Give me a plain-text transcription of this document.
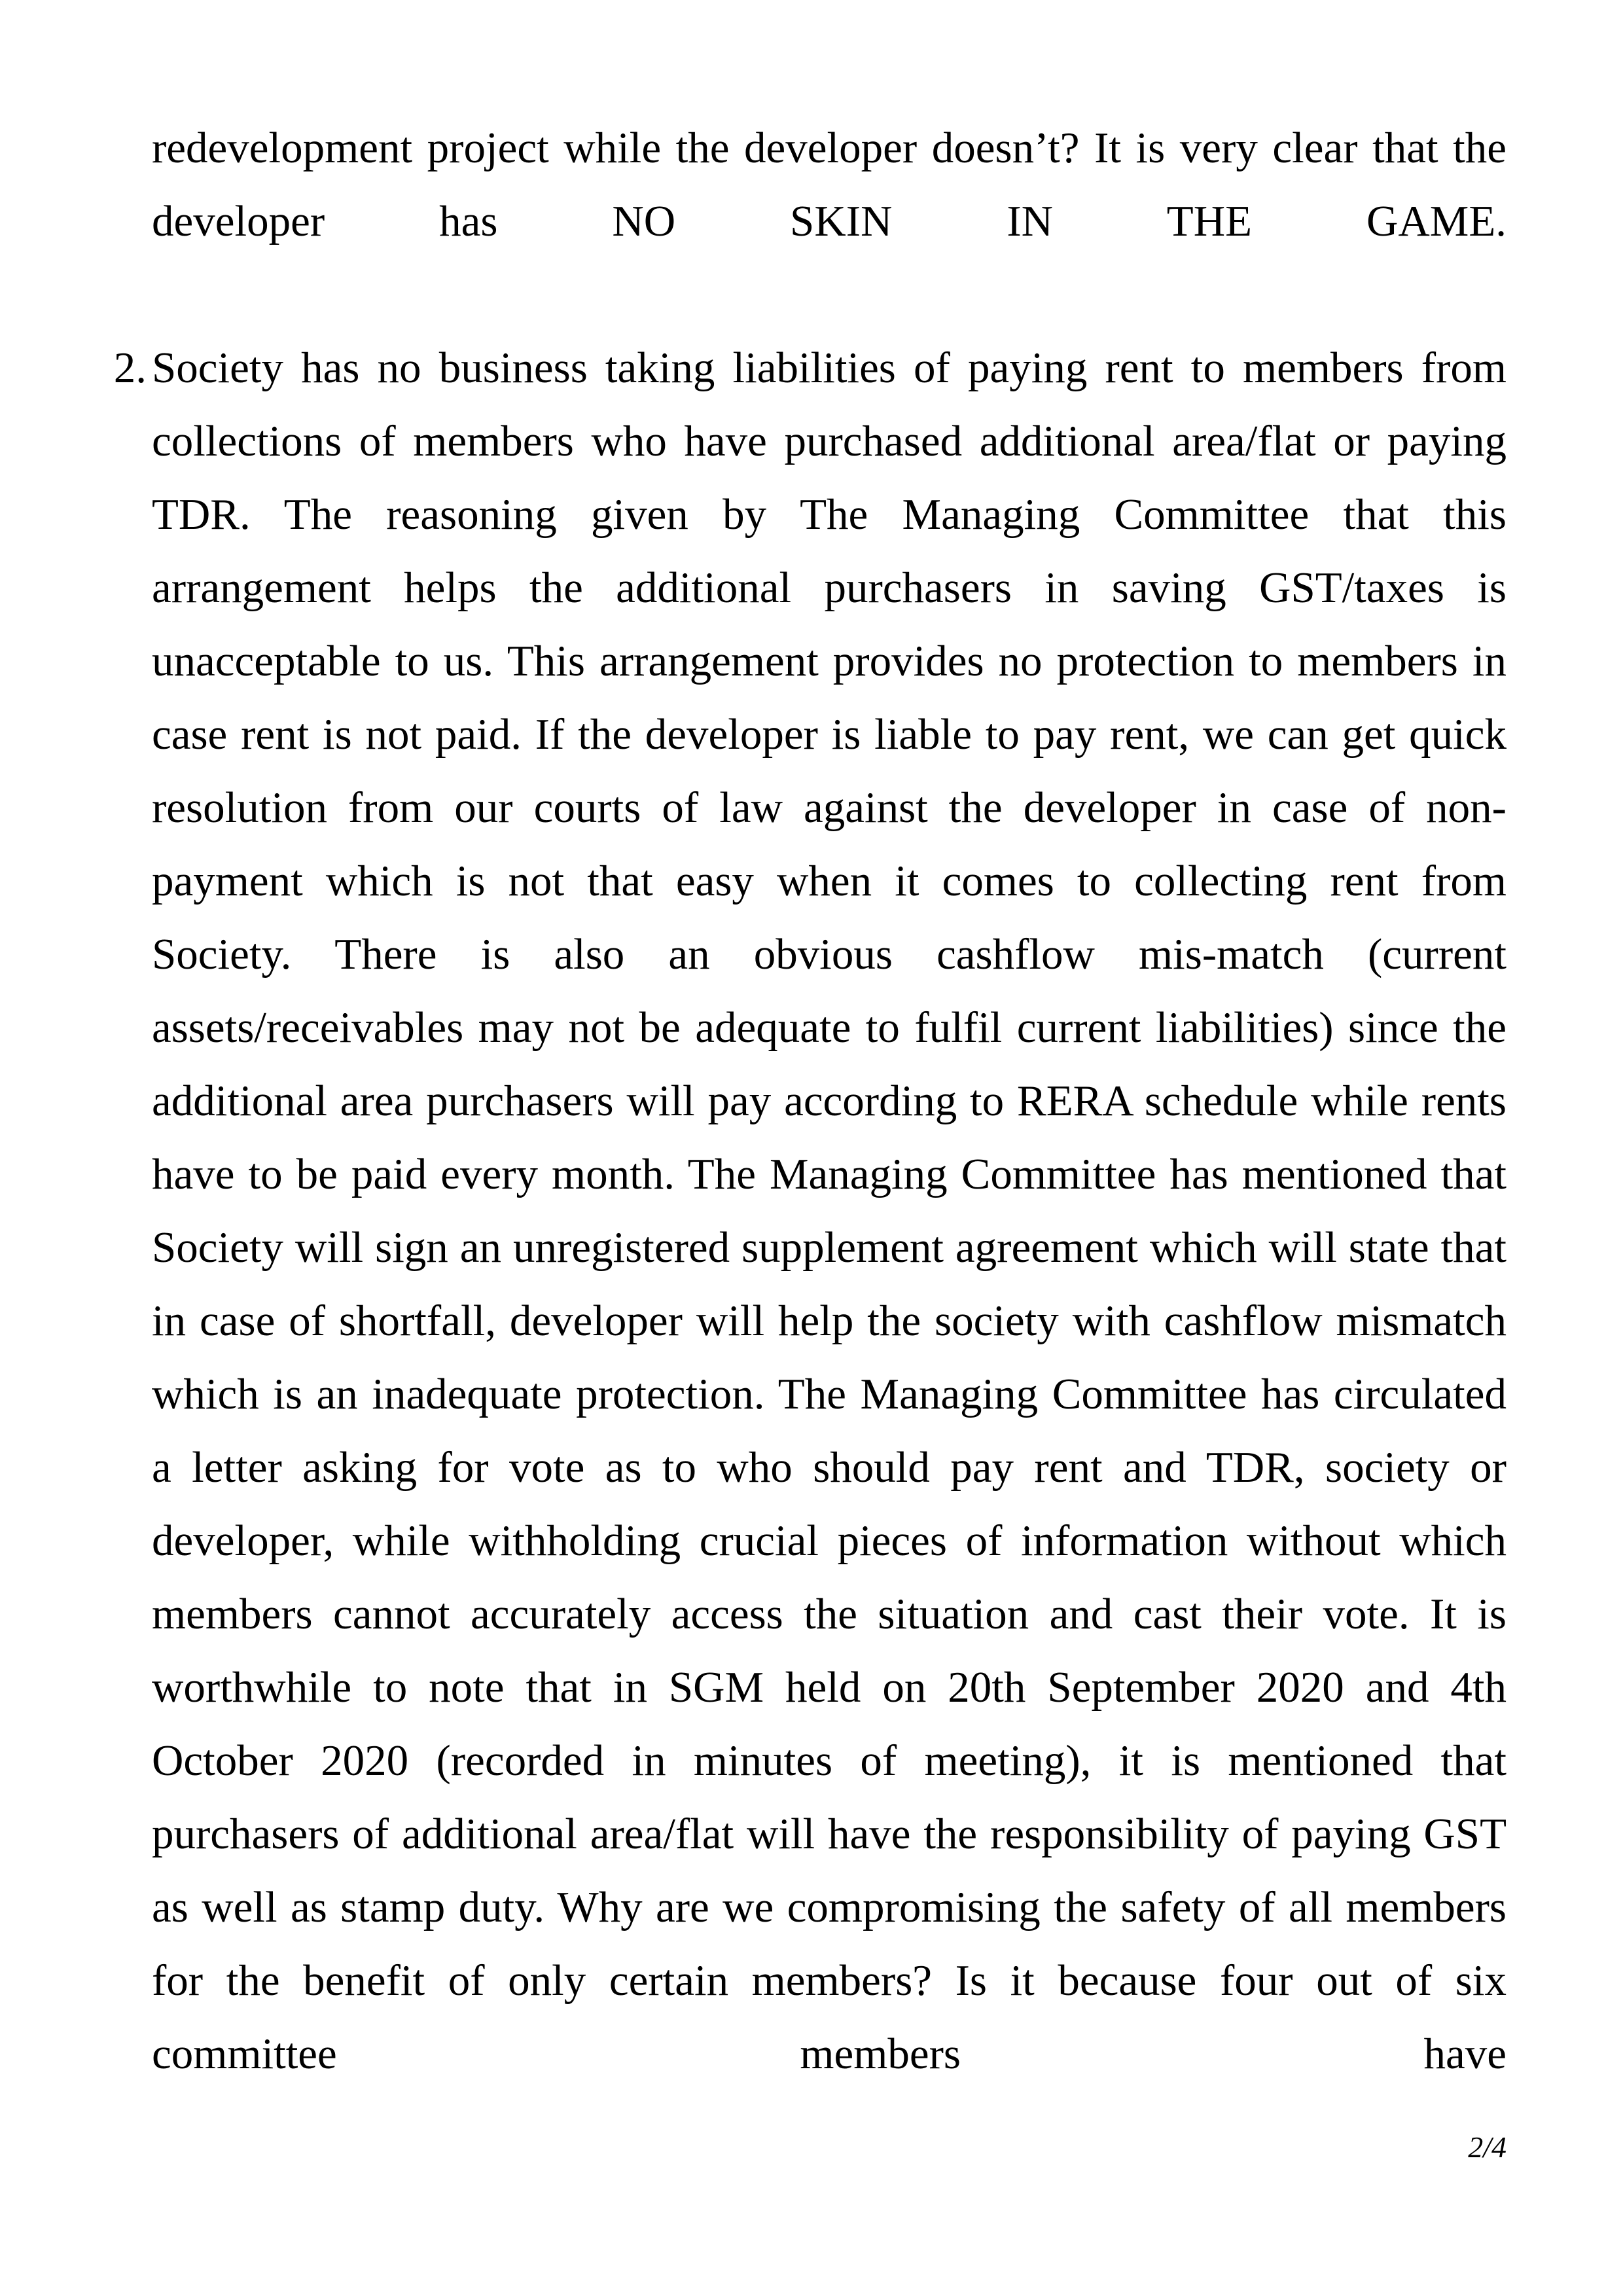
redevelopment project while the developer doesn’t? It is very clear that the developer has NO SKIN IN THE GAME.

2. Society has no business taking liabilities of paying rent to members from collections of members who have purchased additional area/flat or paying TDR. The reasoning given by The Managing Committee that this arrangement helps the additional purchasers in saving GST/taxes is unacceptable to us. This arrangement provides no protection to members in case rent is not paid. If the developer is liable to pay rent, we can get quick resolution from our courts of law against the developer in case of non-payment which is not that easy when it comes to collecting rent from Society. There is also an obvious cashflow mis-match (current assets/receivables may not be adequate to fulfil current liabilities) since the additional area purchasers will pay according to RERA schedule while rents have to be paid every month. The Managing Committee has mentioned that Society will sign an unregistered supplement agreement which will state that in case of shortfall, developer will help the society with cashflow mismatch which is an inadequate protection. The Managing Committee has circulated a letter asking for vote as to who should pay rent and TDR, society or developer, while withholding crucial pieces of information without which members cannot accurately access the situation and cast their vote. It is worthwhile to note that in SGM held on 20th September 2020 and 4th October 2020 (recorded in minutes of meeting), it is mentioned that purchasers of additional area/flat will have the responsibility of paying GST as well as stamp duty. Why are we compromising the safety of all members for the benefit of only certain members? Is it because four out of six committee members have
2/4
